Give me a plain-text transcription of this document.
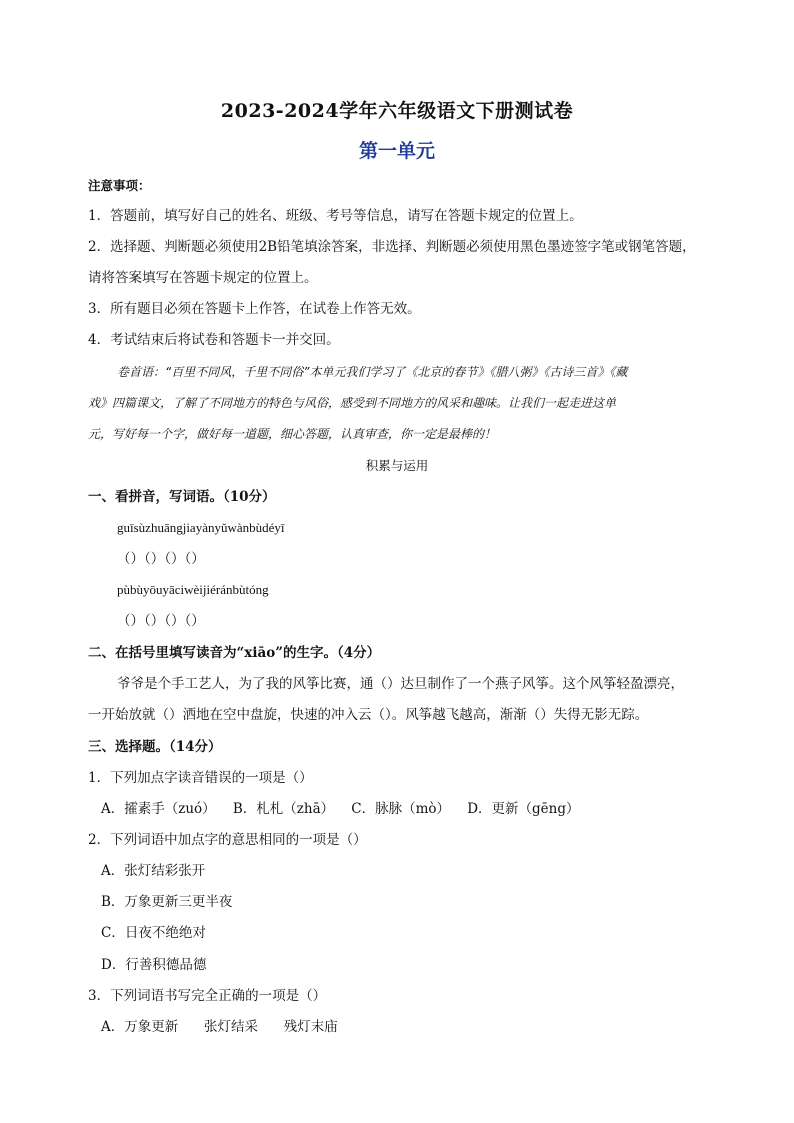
2023-2024学年六年级语文下册测试卷
第一单元
注意事项：
1．答题前，填写好自己的姓名、班级、考号等信息，请写在答题卡规定的位置上。
2．选择题、判断题必须使用2B铅笔填涂答案，非选择、判断题必须使用黑色墨迹签字笔或钢笔答题，
请将答案填写在答题卡规定的位置上。
3．所有题目必须在答题卡上作答，在试卷上作答无效。
4．考试结束后将试卷和答题卡一并交回。
卷首语：“百里不同风，千里不同俗”本单元我们学习了《北京的春节》《腊八粥》《古诗三首》《藏
戏》四篇课文，了解了不同地方的特色与风俗，感受到不同地方的风采和趣味。让我们一起走进这单
元，写好每一个字，做好每一道题，细心答题，认真审查，你一定是最棒的！
积累与运用
一、看拼音，写词语。（10分）
guīsùzhuāngjiayànyǔwànbùdéyī
（）（）（）（）
pùbùyōuyāciwèijiéránbùtóng
（）（）（）（）
二、在括号里填写读音为“xiāo”的生字。（4分）
爷爷是个手工艺人，为了我的风筝比赛，通（）达旦制作了一个燕子风筝。这个风筝轻盈漂亮，
一开始放就（）洒地在空中盘旋，快速的冲入云（）。风筝越飞越高，渐渐（）失得无影无踪。
三、选择题。（14分）
1．下列加点字读音错误的一项是（）
A．攉素手（zuó）    B．札札（zhā）    C．脉脉（mò）    D．更新（gēng）
2．下列词语中加点字的意思相同的一项是（）
A．张灯结彩张开
B．万象更新三更半夜
C．日夜不绝绝对
D．行善积德品德
3．下列词语书写完全正确的一项是（）
A．万象更新      张灯结采      残灯末庙
